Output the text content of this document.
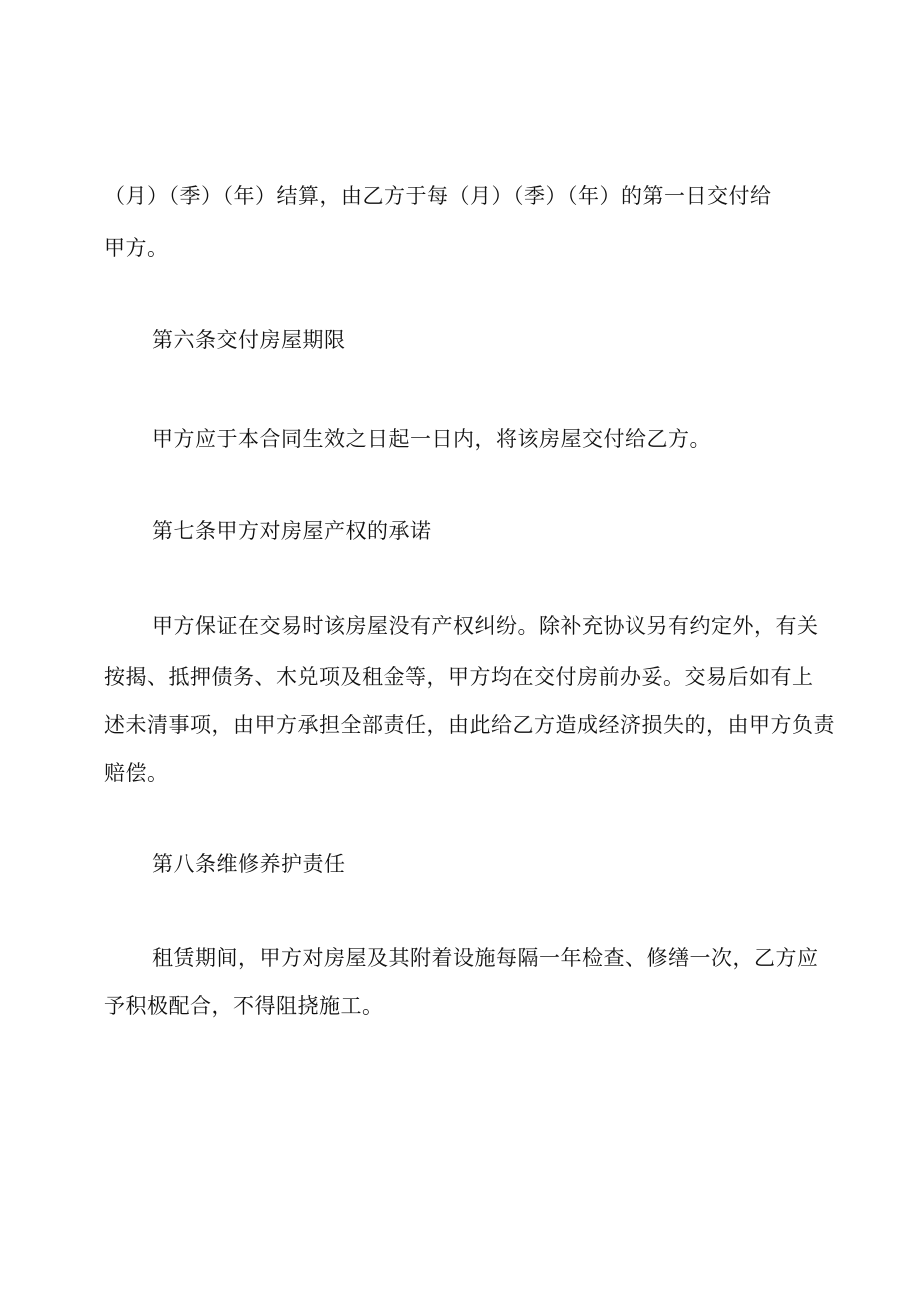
（月）（季）（年）结算，由乙方于每（月）（季）（年）的第一日交付给
甲方。
第六条交付房屋期限
甲方应于本合同生效之日起一日内，将该房屋交付给乙方。
第七条甲方对房屋产权的承诺
甲方保证在交易时该房屋没有产权纠纷。除补充协议另有约定外，有关
按揭、抵押债务、木兑项及租金等，甲方均在交付房前办妥。交易后如有上
述未清事项，由甲方承担全部责任，由此给乙方造成经济损失的，由甲方负责
赔偿。
第八条维修养护责任
租赁期间，甲方对房屋及其附着设施每隔一年检查、修缮一次，乙方应
予积极配合，不得阻挠施工。
